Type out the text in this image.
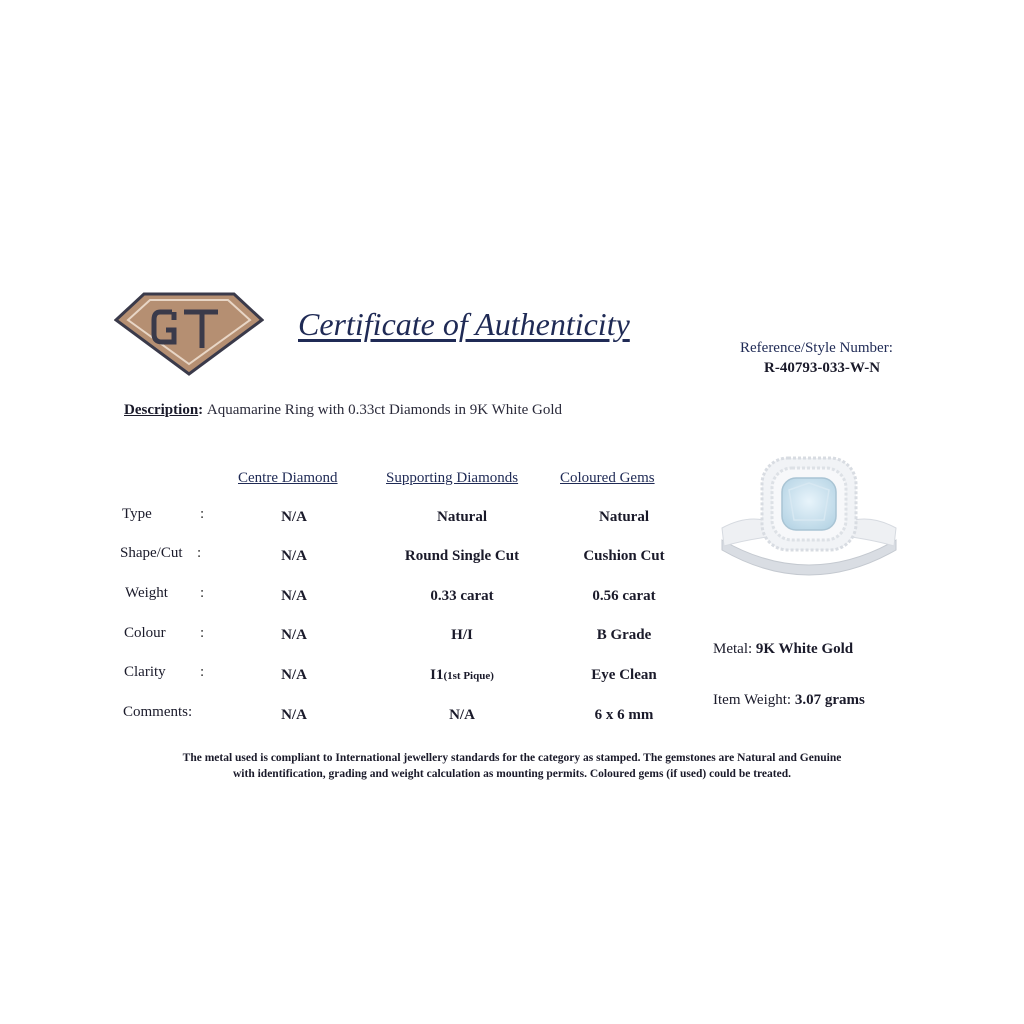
Certificate of Authenticity
Reference/Style Number:
R-40793-033-W-N
Description: Aquamarine Ring with 0.33ct Diamonds in 9K White Gold
Centre Diamond	Supporting Diamonds	Coloured Gems
Type	:	N/A	Natural	Natural
Shape/Cut :	N/A	Round Single Cut	Cushion Cut
Weight :	N/A	0.33 carat	0.56 carat
Colour :	N/A	H/I	B Grade
Clarity :	N/A	I1(1st Pique)	Eye Clean
Comments:	N/A	N/A	6 x 6 mm
Metal: 9K White Gold
Item Weight: 3.07 grams
The metal used is compliant to International jewellery standards for the category as stamped. The gemstones are Natural and Genuine
with identification, grading and weight calculation as mounting permits. Coloured gems (if used) could be treated.
